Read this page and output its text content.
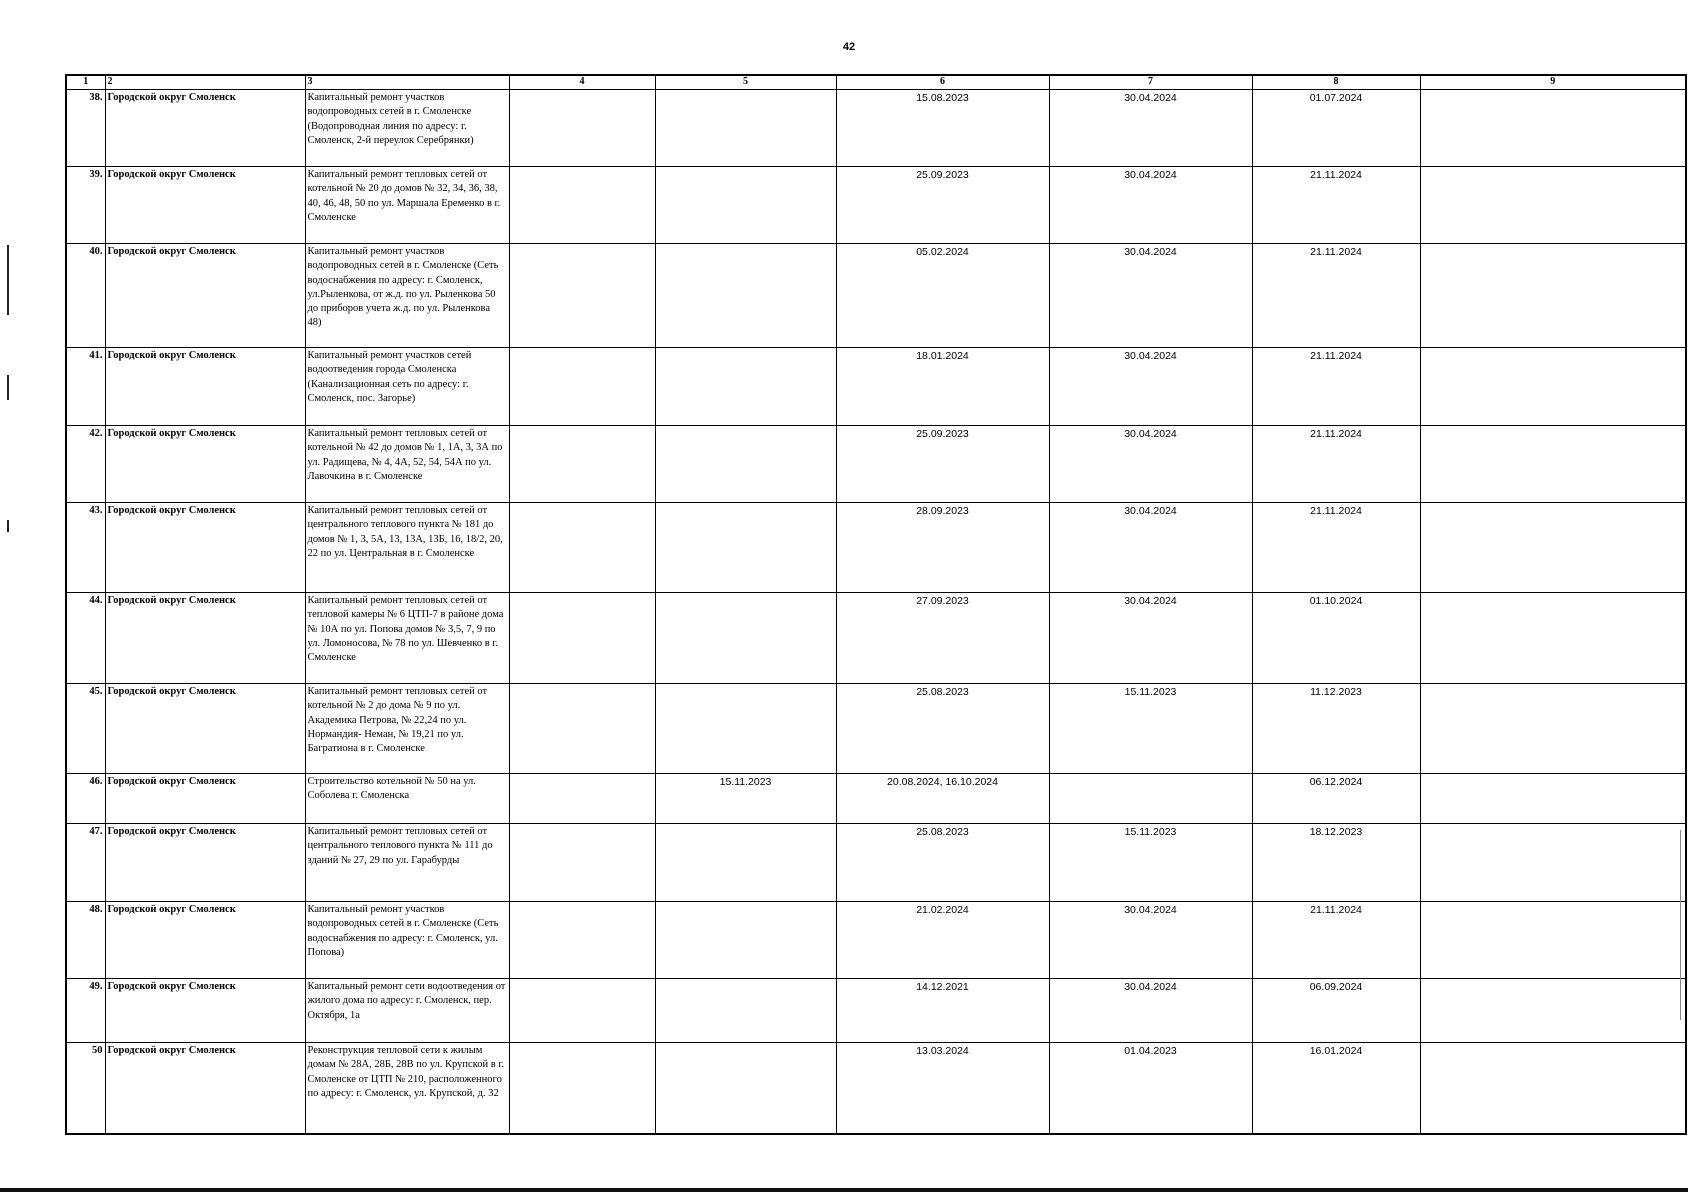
42
1	2	3	4	5	6	7	8	9
38.	Городской округ Смоленск	Капитальный ремонт участков водопроводных сетей в г. Смоленске (Водопроводная линия по адресу: г. Смоленск, 2-й переулок Серебрянки)			15.08.2023	30.04.2024	01.07.2024	
39.	Городской округ Смоленск	Капитальный ремонт тепловых сетей от котельной № 20 до домов № 32, 34, 36, 38, 40, 46, 48, 50 по ул. Маршала Еременко в г. Смоленске			25.09.2023	30.04.2024	21.11.2024	
40.	Городской округ Смоленск	Капитальный ремонт участков водопроводных сетей в г. Смоленске (Сеть водоснабжения по адресу: г. Смоленск, ул.Рыленкова, от ж.д. по ул. Рыленкова 50 до приборов учета ж.д. по ул. Рыленкова 48)			05.02.2024	30.04.2024	21.11.2024	
41.	Городской округ Смоленск	Капитальный ремонт участков сетей водоотведения города Смоленска (Канализационная сеть по адресу: г. Смоленск, пос. Загорье)			18.01.2024	30.04.2024	21.11.2024	
42.	Городской округ Смоленск	Капитальный ремонт тепловых сетей от котельной № 42 до домов № 1, 1А, 3, 3А по ул. Радищева, № 4, 4А, 52, 54, 54А по ул. Лавочкина в г. Смоленске			25.09.2023	30.04.2024	21.11.2024	
43.	Городской округ Смоленск	Капитальный ремонт тепловых сетей от центрального теплового пункта № 181 до домов № 1, 3, 5А, 13, 13А, 13Б, 16, 18/2, 20, 22 по ул. Центральная в г. Смоленске			28.09.2023	30.04.2024	21.11.2024	
44.	Городской округ Смоленск	Капитальный ремонт тепловых сетей от тепловой камеры № 6 ЦТП-7 в районе дома № 10А по ул. Попова домов № 3,5, 7, 9 по ул. Ломоносова, № 78 по ул. Шевченко в г. Смоленске			27.09.2023	30.04.2024	01.10.2024	
45.	Городской округ Смоленск	Капитальный ремонт тепловых сетей от котельной № 2 до дома № 9 по ул. Академика Петрова, № 22,24 по ул. Нормандия- Неман, № 19,21 по ул. Багратиона в г. Смоленске			25.08.2023	15.11.2023	11.12.2023	
46.	Городской округ Смоленск	Строительство котельной № 50 на ул. Соболева г. Смоленска		15.11.2023	20.08.2024, 16.10.2024		06.12.2024	
47.	Городской округ Смоленск	Капитальный ремонт тепловых сетей от центрального теплового пункта № 111 до зданий № 27, 29 по ул. Гарабурды			25.08.2023	15.11.2023	18.12.2023	
48.	Городской округ Смоленск	Капитальный ремонт участков водопроводных сетей в г. Смоленске (Сеть водоснабжения по адресу: г. Смоленск, ул. Попова)			21.02.2024	30.04.2024	21.11.2024	
49.	Городской округ Смоленск	Капитальный ремонт сети водоотведения от жилого дома по адресу: г. Смоленск, пер. Октября, 1а			14.12.2021	30.04.2024	06.09.2024	
50	Городской округ Смоленск	Реконструкция тепловой сети к жилым домам № 28А, 28Б, 28В по ул. Крупской в г. Смоленске от ЦТП № 210, расположенного по адресу: г. Смоленск, ул. Крупской, д. 32			13.03.2024	01.04.2023	16.01.2024	
